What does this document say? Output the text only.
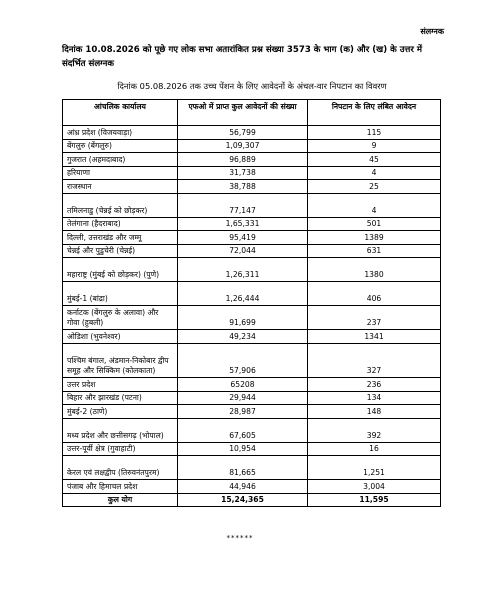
संलग्नक
दिनांक 10.08.2026 को पूछे गए लोक सभा अतारांकित प्रश्न संख्या 3573 के भाग (क) और (ख) के उत्तर में संदर्भित संलग्नक
दिनांक 05.08.2026 तक उच्च पेंशन के लिए आवेदनों के अंचल-वार निपटान का विवरण
आंचलिक कार्यालय	एफओ में प्राप्त कुल आवेदनों की संख्या	निपटान के लिए लंबित आवेदन
आंध्र प्रदेश (विजयवाड़ा)	56,799	115
बेंगलुरु (बेंगलुरु)	1,09,307	9
गुजरात (अहमदाबाद)	96,889	45
हरियाणा	31,738	4
राजस्थान	38,788	25
तमिलनाडु (चेन्नई को छोड़कर)	77,147	4
तेलंगाना (हैदराबाद)	1,65,331	501
दिल्ली, उत्तराखंड और जम्मू	95,419	1389
चेन्नई और पुडुचेरी (चेन्नई)	72,044	631
महाराष्ट्र (मुंबई को छोड़कर) (पुणे)	1,26,311	1380
मुंबई-1 (बांद्रा)	1,26,444	406
कर्नाटक (बेंगलुरु के अलावा) और गोवा (हुबली)	91,699	237
ओडिशा (भुवनेश्वर)	49,234	1341
पश्चिम बंगाल, अंडमान-निकोबार द्वीप समूह और सिक्किम (कोलकाता)	57,906	327
उत्तर प्रदेश	65208	236
बिहार और झारखंड (पटना)	29,944	134
मुंबई-2 (ठाणे)	28,987	148
मध्य प्रदेश और छत्तीसगढ़ (भोपाल)	67,605	392
उत्तर-पूर्वी क्षेत्र (गुवाहाटी)	10,954	16
केरल एवं लक्षद्वीप (तिरुवनंतपुरम)	81,665	1,251
पंजाब और हिमाचल प्रदेश	44,946	3,004
कुल योग	15,24,365	11,595
******
